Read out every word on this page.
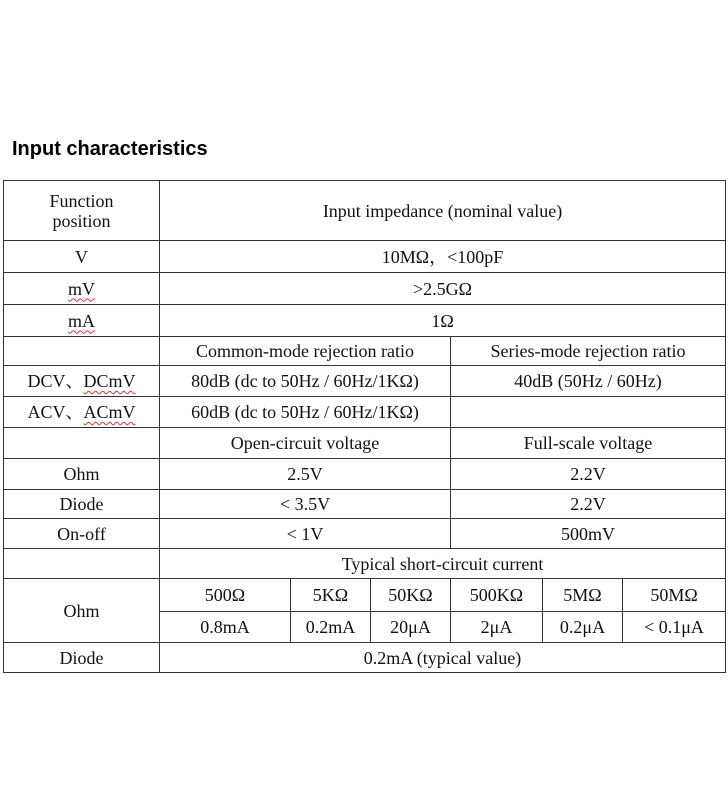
Input characteristics
Function position	Input impedance (nominal value)					
V	10MΩ，<100pF					
mV	>2.5GΩ					
mA	1Ω					
	Common-mode rejection ratio			Series-mode rejection ratio		
DCV、DCmV	80dB (dc to 50Hz / 60Hz/1KΩ)			40dB (50Hz / 60Hz)		
ACV、ACmV	60dB (dc to 50Hz / 60Hz/1KΩ)					
	Open-circuit voltage			Full-scale voltage		
Ohm	2.5V			2.2V		
Diode	< 3.5V			2.2V		
On-off	< 1V			500mV		
	Typical short-circuit current					
Ohm	500Ω	5KΩ	50KΩ	500KΩ	5MΩ	50MΩ
	0.8mA	0.2mA	20μA	2μA	0.2μA	< 0.1μA
Diode	0.2mA (typical value)					
